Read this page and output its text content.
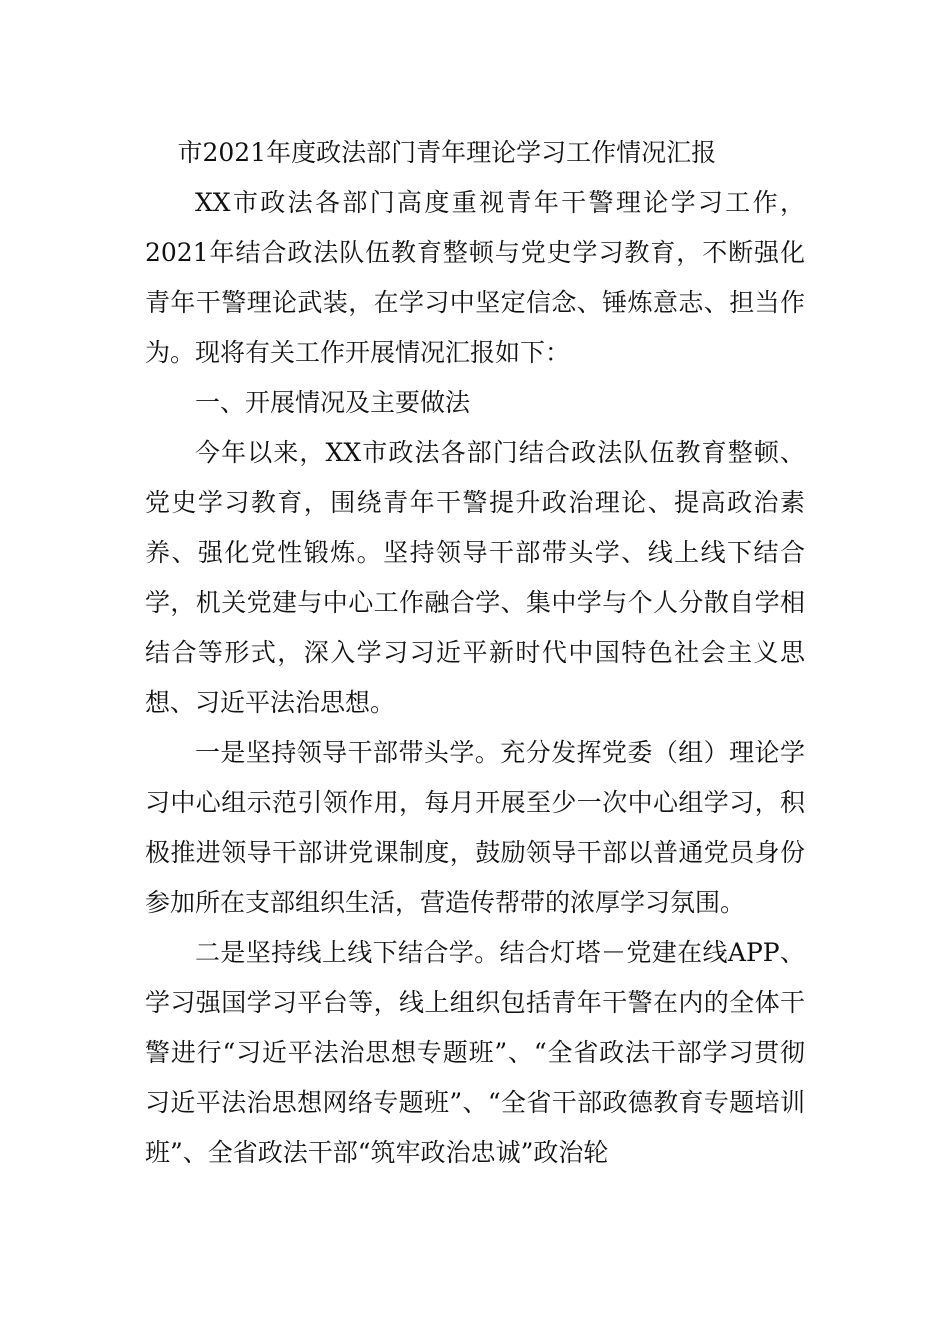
市2021年度政法部门青年理论学习工作情况汇报

XX市政法各部门高度重视青年干警理论学习工作，2021年结合政法队伍教育整顿与党史学习教育，不断强化青年干警理论武装，在学习中坚定信念、锤炼意志、担当作为。现将有关工作开展情况汇报如下：

一、开展情况及主要做法

今年以来，XX市政法各部门结合政法队伍教育整顿、党史学习教育，围绕青年干警提升政治理论、提高政治素养、强化党性锻炼。坚持领导干部带头学、线上线下结合学，机关党建与中心工作融合学、集中学与个人分散自学相结合等形式，深入学习习近平新时代中国特色社会主义思想、习近平法治思想。

一是坚持领导干部带头学。充分发挥党委（组）理论学习中心组示范引领作用，每月开展至少一次中心组学习，积极推进领导干部讲党课制度，鼓励领导干部以普通党员身份参加所在支部组织生活，营造传帮带的浓厚学习氛围。

二是坚持线上线下结合学。结合灯塔－党建在线APP、学习强国学习平台等，线上组织包括青年干警在内的全体干警进行“习近平法治思想专题班”、“全省政法干部学习贯彻习近平法治思想网络专题班”、“全省干部政德教育专题培训班”、全省政法干部“筑牢政治忠诚”政治轮
